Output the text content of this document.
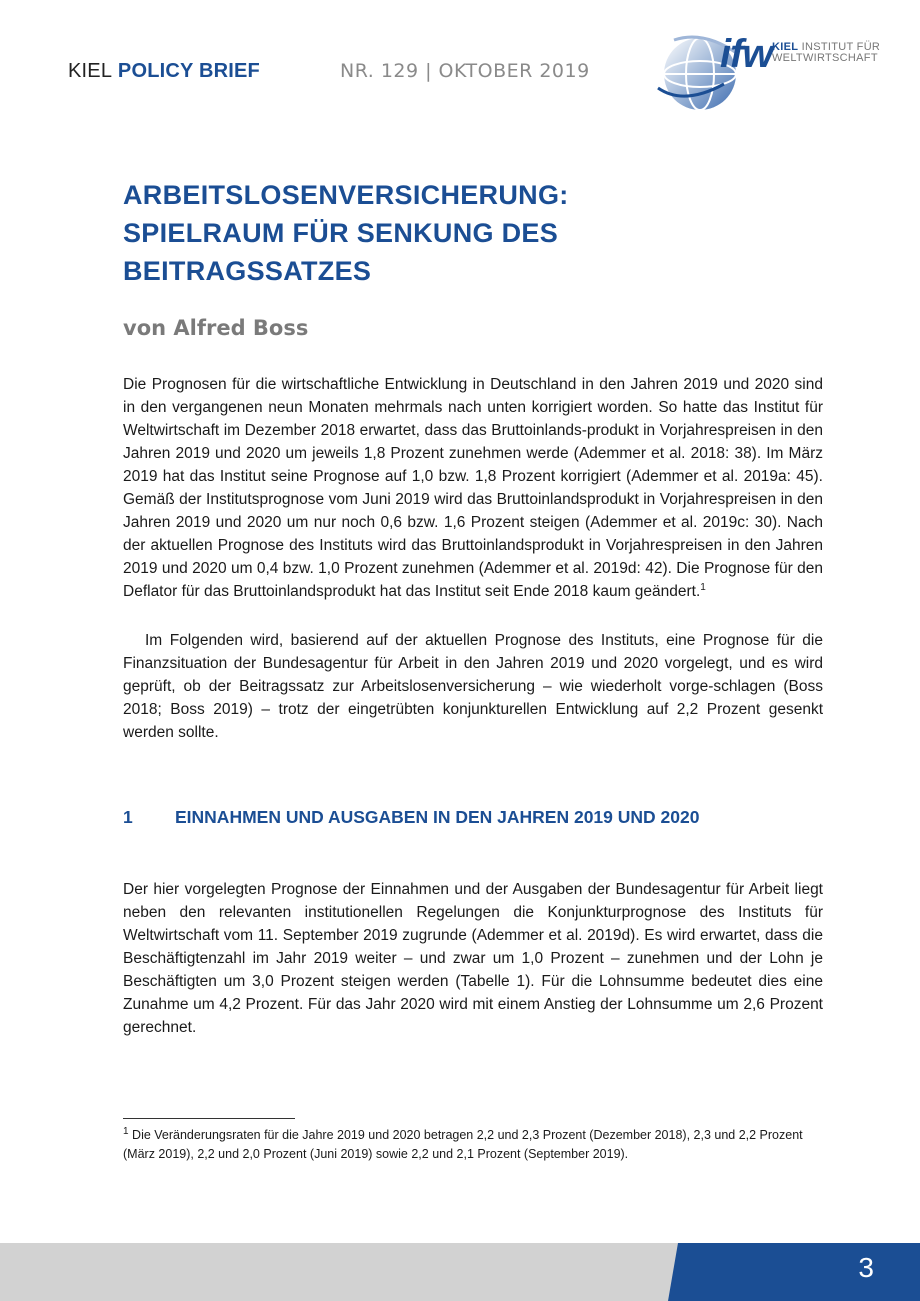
KIEL POLICY BRIEF	NR. 129 | OKTOBER 2019	ifw KIEL INSTITUT FÜR
WELTWIRTSCHAFT
ARBEITSLOSENVERSICHERUNG:
SPIELRAUM FÜR SENKUNG DES
BEITRAGSSATZES

von Alfred Boss

Die Prognosen für die wirtschaftliche Entwicklung in Deutschland in den Jahren 2019 und 2020 sind in den vergangenen neun Monaten mehrmals nach unten korrigiert worden. So hatte das Institut für Weltwirtschaft im Dezember 2018 erwartet, dass das Bruttoinlands-produkt in Vorjahrespreisen in den Jahren 2019 und 2020 um jeweils 1,8 Prozent zunehmen werde (Ademmer et al. 2018: 38). Im März 2019 hat das Institut seine Prognose auf 1,0 bzw. 1,8 Prozent korrigiert (Ademmer et al. 2019a: 45). Gemäß der Institutsprognose vom Juni 2019 wird das Bruttoinlandsprodukt in Vorjahrespreisen in den Jahren 2019 und 2020 um nur noch 0,6 bzw. 1,6 Prozent steigen (Ademmer et al. 2019c: 30). Nach der aktuellen Prognose des Instituts wird das Bruttoinlandsprodukt in Vorjahrespreisen in den Jahren 2019 und 2020 um 0,4 bzw. 1,0 Prozent zunehmen (Ademmer et al. 2019d: 42). Die Prognose für den Deflator für das Bruttoinlandsprodukt hat das Institut seit Ende 2018 kaum geändert.$^1$

Im Folgenden wird, basierend auf der aktuellen Prognose des Instituts, eine Prognose für die Finanzsituation der Bundesagentur für Arbeit in den Jahren 2019 und 2020 vorgelegt, und es wird geprüft, ob der Beitragssatz zur Arbeitslosenversicherung – wie wiederholt vorge-schlagen (Boss 2018; Boss 2019) – trotz der eingetrübten konjunkturellen Entwicklung auf 2,2 Prozent gesenkt werden sollte.

1 EINNAHMEN UND AUSGABEN IN DEN JAHREN 2019 UND 2020

Der hier vorgelegten Prognose der Einnahmen und der Ausgaben der Bundesagentur für Arbeit liegt neben den relevanten institutionellen Regelungen die Konjunkturprognose des Instituts für Weltwirtschaft vom 11. September 2019 zugrunde (Ademmer et al. 2019d). Es wird erwartet, dass die Beschäftigtenzahl im Jahr 2019 weiter – und zwar um 1,0 Prozent – zunehmen und der Lohn je Beschäftigten um 3,0 Prozent steigen werden (Tabelle 1). Für die Lohnsumme bedeutet dies eine Zunahme um 4,2 Prozent. Für das Jahr 2020 wird mit einem Anstieg der Lohnsumme um 2,6 Prozent gerechnet.

$^1$ Die Veränderungsraten für die Jahre 2019 und 2020 betragen 2,2 und 2,3 Prozent (Dezember 2018), 2,3 und 2,2 Prozent (März 2019), 2,2 und 2,0 Prozent (Juni 2019) sowie 2,2 und 2,1 Prozent (September 2019).

3
